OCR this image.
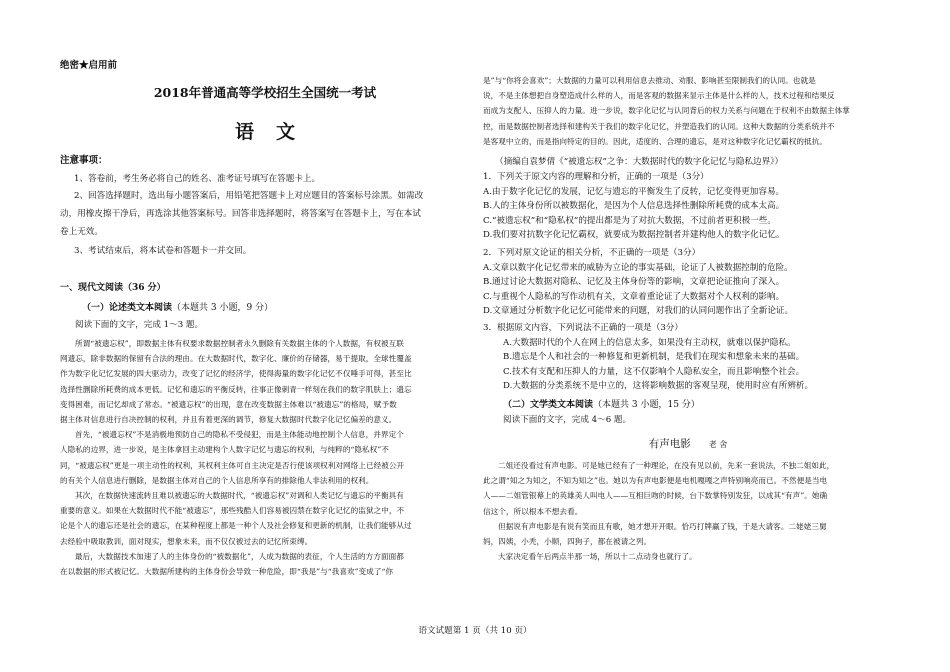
绝密★启用前
2018年普通高等学校招生全国统一考试
语文
注意事项：
1、答卷前，考生务必将自己的姓名、准考证号填写在答题卡上。
2、回答选择题时，选出每小题答案后，用铅笔把答题卡上对应题目的答案标号涂黑。如需改
动，用橡皮擦干净后，再选涂其他答案标号。回答非选择题时，将答案写在答题卡上，写在本试
卷上无效。
3、考试结束后，将本试卷和答题卡一并交回。
一、现代文阅读（36 分）
（一）论述类文本阅读（本题共 3 小题，9 分）
阅读下面的文字，完成 1～3 题。

所谓“被遗忘权”，即数据主体有权要求数据控制者永久删除有关数据主体的个人数据，有权被互联

网遗忘，除非数据的保留有合法的理由。在大数据时代，数字化、廉价的存储器，易于提取，全球性覆盖

作为数字化记忆发展的四大驱动力，改变了记忆的经济学，使得海量的数字化记忆不仅唾手可得，甚至比

选择性删除所耗费的成本更低。记忆和遗忘的平衡反转，往事正像刺青一样刻在我们的数字肌肤上；遗忘

变得困难，而记忆却成了常态。“被遗忘权”的出现，意在改变数据主体难以“被遗忘”的格局，赋予数

据主体对信息进行自决控制的权利，并且有着更深的调节，修复大数据时代数字化记忆偏差的意义。

首先，“被遗忘权”不是消极地预防自己的隐私不受侵犯，而是主体能动地控制个人信息，并界定个

人隐私的边界，进一步说，是主体拿回主动建构个人数字记忆与遗忘的权利，与纯粹的“隐私权”不

同，“被遗忘权”更是一项主动性的权利，其权利主体可自主决定是否行使该项权利对网络上已经被公开

的有关个人信息进行删除，是数据主体对自己的个人信息所享有的排除他人非法利用的权利。

其次，在数据快速流转且难以被遗忘的大数据时代，“被遗忘权”对调和人类记忆与遗忘的平衡具有

重要的意义。如果在大数据时代不能“被遗忘”，那些残酷人们容易被囚禁在数字化记忆的监狱之中，不

论是个人的遗忘还是社会的遗忘，在某种程度上都是一种个人及社会修复和更新的机制，让我们能够从过

去经验中吸取教训，面对现实，想象未来，而不仅仅被过去的记忆所束缚。

最后，大数据技术加速了人的主体身份的“被数据化”，人成为数据的表征，个人生活的方方面面都

在以数据的形式被记忆。大数据所建构的主体身份会导致一种危险，即“我是”与“我喜欢”变成了“你

是”与“你将会喜欢”；大数据的力量可以利用信息去推动、劝服、影响甚至限制我们的认同。也就是

说，不是主体想把自身塑造成什么样的人，而是客观的数据来显示主体是什么样的人，技术过程和结果反

而成为支配人、压抑人的力量。进一步说，数字化记忆与认同背后的权力关系与问题在于权利不由数据主体掌

控，而是数据控制者选择和建构关于我们的数字化记忆，并塑造我们的认同。这种大数据的分类系统并不

是客观中立的，而是指向特定的目的。因此，适度的、合理的遗忘，是对这种数字化记忆霸权的抵抗。

（摘编自袁梦倩《“被遗忘权”之争：大数据时代的数字化记忆与隐私边界》）
1．下列关于原文内容的理解和分析，正确的一项是（3分）
A.由于数字化记忆的发展，记忆与遗忘的平衡发生了反转，记忆变得更加容易。
B.人的主体身份所以被数据化，是因为个人信息选择性删除所耗费的成本太高。
C.“被遗忘权”和“隐私权”的提出都是为了对抗大数据，不过前者更积极一些。
D.我们要对抗数字化记忆霸权，就要成为数据控制者并建构他人的数字化记忆。
2．下列对原文论证的相关分析，不正确的一项是（3分）
A.文章以数字化记忆带来的威胁为立论的事实基础，论证了人被数据控制的危险。
B.通过讨论大数据对隐私、记忆及主体身份等的影响，文章把论证推向了深入。
C.与重视个人隐私的写作动机有关，文章着重论证了大数据对个人权利的影响。
D.文章通过分析数字化记忆可能带来的问题，对我们的认同问题作出了全新论证。
3．根据原文内容，下列说法不正确的一项是（3分）
A.大数据时代的个人在网上的信息太多，如果没有主动权，就难以保护隐私。
B.遗忘是个人和社会的一种修复和更新机制，是我们在现实和想象未来的基础。
C.技术有支配和压抑人的力量，这不仅影响个人隐私安全，而且影响整个社会。
D.大数据的分类系统不是中立的，这将影响数据的客观呈现，使用时应有所辨析。
（二）文学类文本阅读（本题共 3 小题，15 分）
阅读下面的文字，完成 4～6 题。
有声电影 老 舍

二姐还没看过有声电影。可是她已经有了一种理论，在没有见以前，先来一套说法，不独二姐如此，

此之谓“知之为知之，不知为知之”也。她以为有声电影便是电机嘎嘎之声特别响亮而已。不然便是当电

人——二姐管银幕上的英雄美人叫电人——互相巨吻的时候，台下数掌特别发狂，以成其“有声”。她确

信这个，所以根本不想去看。

但据说有声电影是有说有笑而且有歌，她才想开开眼。恰巧打牌赢了钱，于是大请客。二姥姥三舅

妈，四姨，小秃，小顺，四狗子，都在被请之列。

大家决定看午后两点半那一场，所以十二点动身也就行了。

语文试题第 1 页（共 10 页）
